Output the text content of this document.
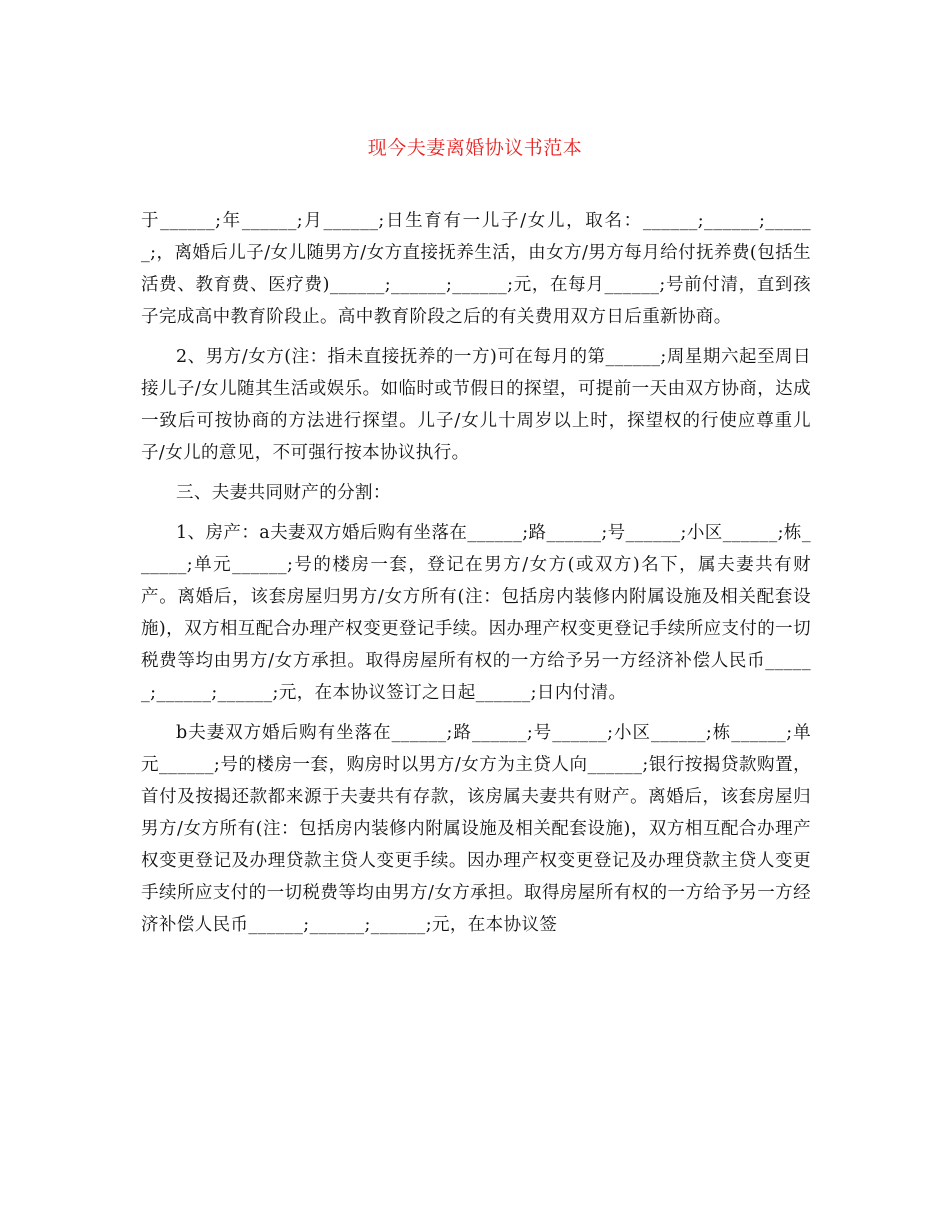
现今夫妻离婚协议书范本

于______;年______;月______;日生育有一儿子/女儿，取名：______;______;______;，离婚后儿子/女儿随男方/女方直接抚养生活，由女方/男方每月给付抚养费(包括生活费、教育费、医疗费)______;______;______;元，在每月______;号前付清，直到孩子完成高中教育阶段止。高中教育阶段之后的有关费用双方日后重新协商。

2、男方/女方(注：指未直接抚养的一方)可在每月的第______;周星期六起至周日接儿子/女儿随其生活或娱乐。如临时或节假日的探望，可提前一天由双方协商，达成一致后可按协商的方法进行探望。儿子/女儿十周岁以上时，探望权的行使应尊重儿子/女儿的意见，不可强行按本协议执行。

三、夫妻共同财产的分割：

1、房产：a夫妻双方婚后购有坐落在______;路______;号______;小区______;栋______;单元______;号的楼房一套，登记在男方/女方(或双方)名下，属夫妻共有财产。离婚后，该套房屋归男方/女方所有(注：包括房内装修内附属设施及相关配套设施)，双方相互配合办理产权变更登记手续。因办理产权变更登记手续所应支付的一切税费等均由男方/女方承担。取得房屋所有权的一方给予另一方经济补偿人民币______;______;______;元，在本协议签订之日起______;日内付清。

b夫妻双方婚后购有坐落在______;路______;号______;小区______;栋______;单元______;号的楼房一套，购房时以男方/女方为主贷人向______;银行按揭贷款购置，首付及按揭还款都来源于夫妻共有存款，该房属夫妻共有财产。离婚后，该套房屋归男方/女方所有(注：包括房内装修内附属设施及相关配套设施)，双方相互配合办理产权变更登记及办理贷款主贷人变更手续。因办理产权变更登记及办理贷款主贷人变更手续所应支付的一切税费等均由男方/女方承担。取得房屋所有权的一方给予另一方经济补偿人民币______;______;______;元，在本协议签
